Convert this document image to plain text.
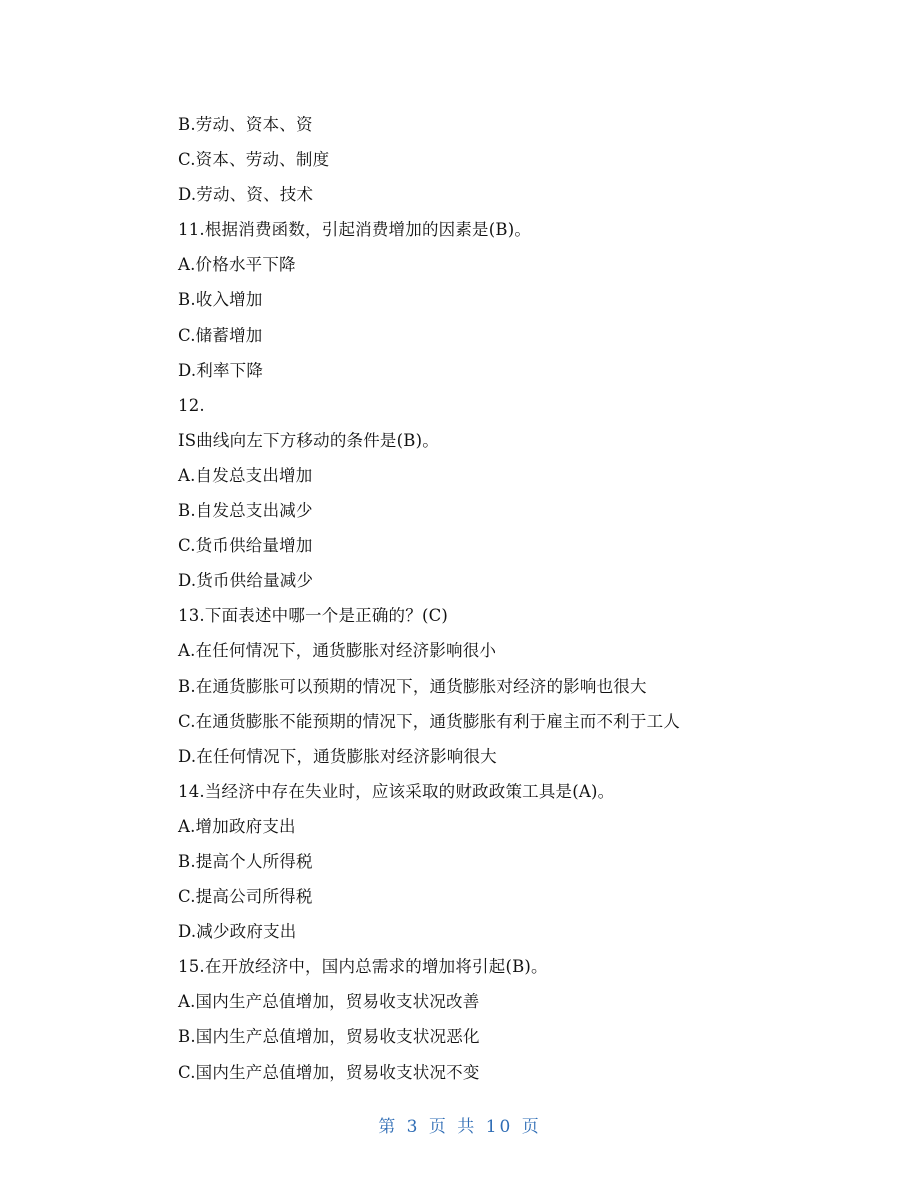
B.劳动、资本、资
C.资本、劳动、制度
D.劳动、资、技术
11.根据消费函数，引起消费增加的因素是(B)。
A.价格水平下降
B.收入增加
C.储蓄增加
D.利率下降
12.
IS曲线向左下方移动的条件是(B)。
A.自发总支出增加
B.自发总支出减少
C.货币供给量增加
D.货币供给量减少
13.下面表述中哪一个是正确的？(C)
A.在任何情况下，通货膨胀对经济影响很小
B.在通货膨胀可以预期的情况下，通货膨胀对经济的影响也很大
C.在通货膨胀不能预期的情况下，通货膨胀有利于雇主而不利于工人
D.在任何情况下，通货膨胀对经济影响很大
14.当经济中存在失业时，应该采取的财政政策工具是(A)。
A.增加政府支出
B.提高个人所得税
C.提高公司所得税
D.减少政府支出
15.在开放经济中，国内总需求的增加将引起(B)。
A.国内生产总值增加，贸易收支状况改善
B.国内生产总值增加，贸易收支状况恶化
C.国内生产总值增加，贸易收支状况不变
第 3 页 共 10 页
